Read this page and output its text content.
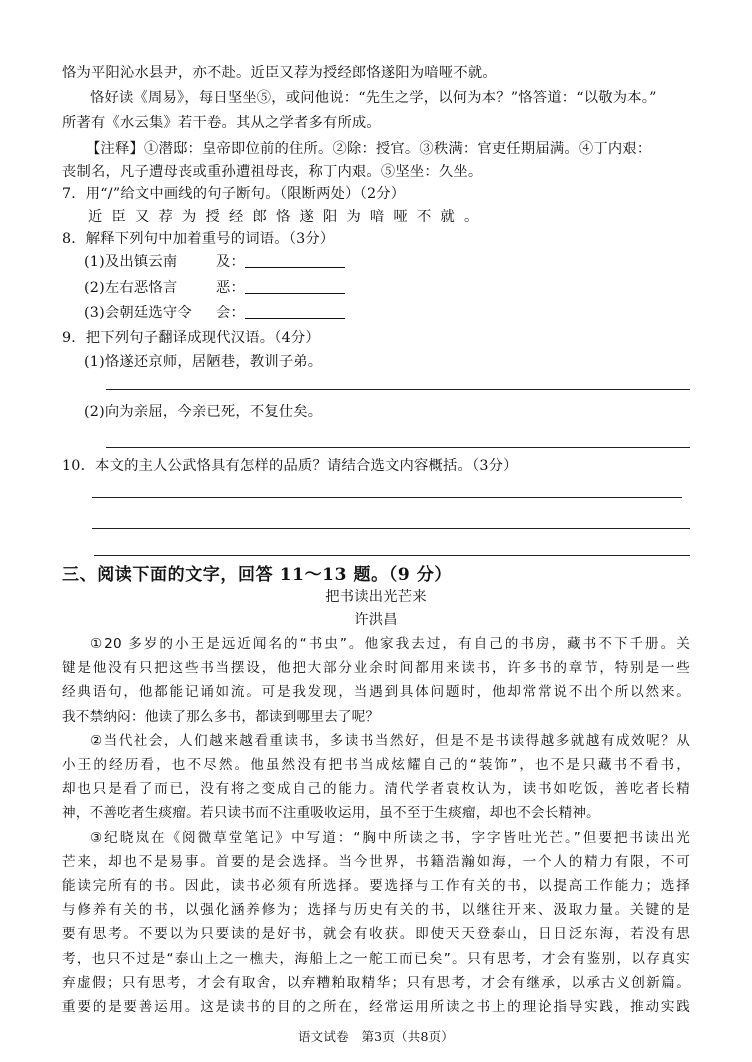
恪为平阳沁水县尹，亦不赴。近臣又荐为授经郎恪遂阳为喑哑不就。
恪好读《周易》，每日坚坐⑤，或问他说：“先生之学，以何为本？”恪答道：“以敬为本。”
所著有《水云集》若干卷。其从之学者多有所成。
【注释】①潜邸：皇帝即位前的住所。②除：授官。③秩满：官吏任期届满。④丁内艰：
丧制名，凡子遭母丧或重孙遭祖母丧，称丁内艰。⑤坚坐：久坐。
7．用“/”给文中画线的句子断句。（限断两处）（2分）
近臣又荐为授经郎恪遂阳为喑哑不就。
8．解释下列句中加着重号的词语。（3分）
(1)及出镇云南	及：
(2)左右恶恪言	恶：
(3)会朝廷选守令 会：
9．把下列句子翻译成现代汉语。（4分）
(1)恪遂还京师，居陋巷，教训子弟。
(2)向为亲屈，今亲已死，不复仕矣。
10．本文的主人公武恪具有怎样的品质？请结合选文内容概括。（3分）
三、阅读下面的文字，回答 11～13 题。（9 分）
把书读出光芒来
许洪昌
①20 多岁的小王是远近闻名的“书虫”。他家我去过，有自己的书房，藏书不下千册。关
键是他没有只把这些书当摆设，他把大部分业余时间都用来读书，许多书的章节，特别是一些
经典语句，他都能记诵如流。可是我发现，当遇到具体问题时，他却常常说不出个所以然来。
我不禁纳闷：他读了那么多书，都读到哪里去了呢？
②当代社会，人们越来越看重读书，多读书当然好，但是不是书读得越多就越有成效呢？从
小王的经历看，也不尽然。他虽然没有把书当成炫耀自己的“装饰”，也不是只藏书不看书，
却也只是看了而已，没有将之变成自己的能力。清代学者袁枚认为，读书如吃饭，善吃者长精
神，不善吃者生痰瘤。若只读书而不注重吸收运用，虽不至于生痰瘤，却也不会长精神。
③纪晓岚在《阅微草堂笔记》中写道：“胸中所读之书，字字皆吐光芒。”但要把书读出光
芒来，却也不是易事。首要的是会选择。当今世界，书籍浩瀚如海，一个人的精力有限，不可
能读完所有的书。因此，读书必须有所选择。要选择与工作有关的书，以提高工作能力；选择
与修养有关的书，以强化涵养修为；选择与历史有关的书，以继往开来、汲取力量。关键的是
要有思考。不要以为只要读的是好书，就会有收获。即使天天登泰山，日日泛东海，若没有思
考，也只不过是“泰山上之一樵夫，海船上之一舵工而已矣”。只有思考，才会有鉴别，以存真实
弃虚假；只有思考，才会有取舍，以弃糟粕取精华；只有思考，才会有继承，以承古义创新篇。
重要的是要善运用。这是读书的目的之所在，经常运用所读之书上的理论指导实践，推动实践
语文试卷　第3页（共8页）
